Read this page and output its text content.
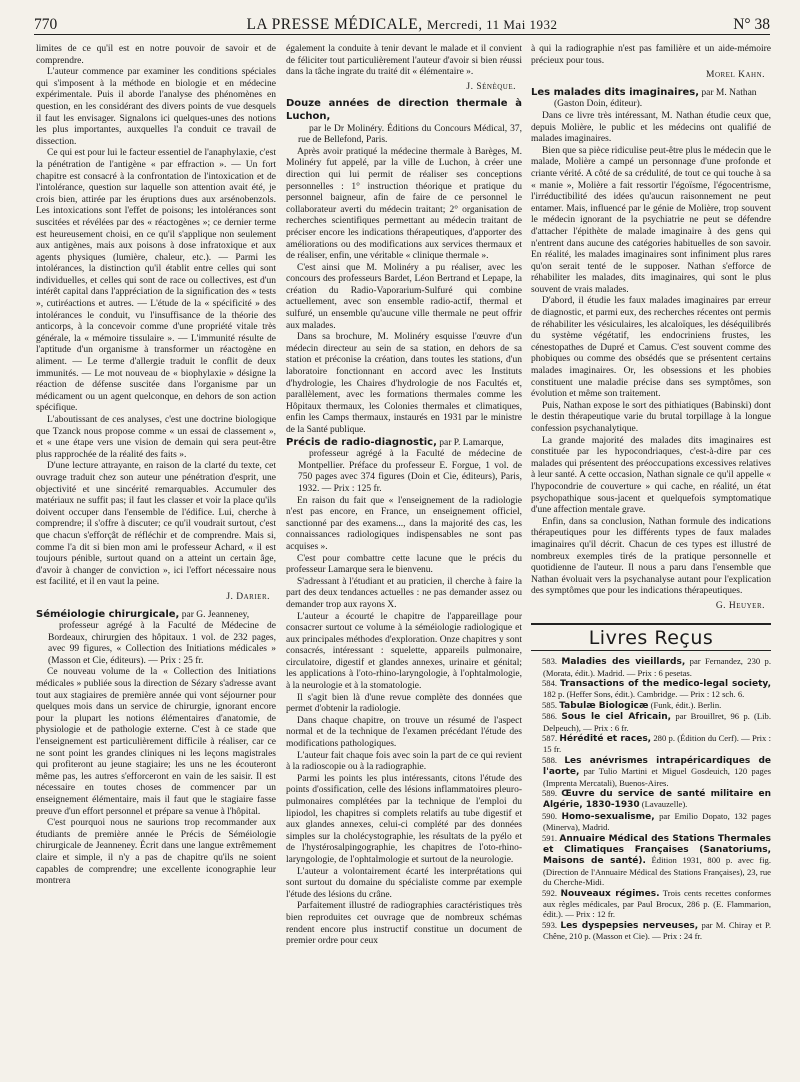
770	LA PRESSE MÉDICALE, Mercredi, 11 Mai 1932	N° 38

limites de ce qu'il est en notre pouvoir de savoir et de comprendre.

L'auteur commence par examiner les conditions spéciales qui s'imposent à la méthode en biologie et en médecine expérimentale. Puis il aborde l'analyse des phénomènes en question, en les considérant des divers points de vue desquels il faut les envisager. Signalons ici quelques-unes des notions les plus importantes, auxquelles l'a conduit ce travail de dissection.

Ce qui est pour lui le facteur essentiel de l'anaphylaxie, c'est la pénétration de l'antigène « par effraction ». — Un fort chapitre est consacré à la confrontation de l'intoxication et de l'intolérance, question sur laquelle son attention avait été, je crois bien, attirée par les éruptions dues aux arsénobenzols. Les intoxications sont l'effet de poisons; les intolérances sont suscitées et révélées par des « réactogènes »; ce dernier terme est heureusement choisi, en ce qu'il s'applique non seulement aux antigènes, mais aux poisons à dose infratoxique et aux agents physiques (lumière, chaleur, etc.). — Parmi les intolérances, la distinction qu'il établit entre celles qui sont individuelles, et celles qui sont de race ou collectives, est d'un intérêt capital dans l'appréciation de la signification des « tests », cutiréactions et autres. — L'étude de la « spécificité » des intolérances le conduit, vu l'insuffisance de la théorie des anticorps, à la concevoir comme d'une propriété vitale très générale, la « mémoire tissulaire ». — L'immunité résulte de l'aptitude d'un organisme à transformer un réactogène en aliment. — Le terme d'allergie traduit le conflit de deux immunités. — Le mot nouveau de « biophylaxie » désigne la réaction de défense suscitée dans l'organisme par un médicament ou un agent quelconque, en dehors de son action spécifique.

L'aboutissant de ces analyses, c'est une doctrine biologique que Tzanck nous propose comme « un essai de classement », et « une étape vers une vision de demain qui sera peut-être plus rapprochée de la réalité des faits ».

D'une lecture attrayante, en raison de la clarté du texte, cet ouvrage traduit chez son auteur une pénétration d'esprit, une objectivité et une sincérité remarquables. Accumuler des matériaux ne suffit pas; il faut les classer et voir la place qu'ils doivent occuper dans l'ensemble de l'édifice. Lui, cherche à comprendre; il s'offre à discuter; ce qu'il voudrait surtout, c'est que chacun s'efforçât de réfléchir et de comprendre. Mais si, comme l'a dit si bien mon ami le professeur Achard, « il est toujours pénible, surtout quand on a atteint un certain âge, d'avoir à changer de conviction », ici l'effort nécessaire nous est facilité, et il en vaut la peine.

J. Darier.

Séméiologie chirurgicale, par G. Jeanneney,

professeur agrégé à la Faculté de Médecine de Bordeaux, chirurgien des hôpitaux. 1 vol. de 232 pages, avec 99 figures, « Collection des Initiations médicales » (Masson et Cie, éditeurs). — Prix : 25 fr.

Ce nouveau volume de la « Collection des Initiations médicales » publiée sous la direction de Sézary s'adresse avant tout aux stagiaires de première année qui vont séjourner pour quelques mois dans un service de chirurgie, ignorant encore pour la plupart les notions élémentaires d'anatomie, de physiologie et de pathologie externe. C'est à ce stade que l'enseignement est particulièrement difficile à réaliser, car ce ne sont point les grandes cliniques ni les leçons magistrales qui profiteront au jeune stagiaire; les uns ne les écouteront même pas, les autres s'efforceront en vain de les saisir. Il est nécessaire en toutes choses de commencer par un enseignement élémentaire, mais il faut que le stagiaire fasse preuve d'un effort personnel et prépare sa venue à l'hôpital.

C'est pourquoi nous ne saurions trop recommander aux étudiants de première année le Précis de Séméiologie chirurgicale de Jeanneney. Écrit dans une langue extrêmement claire et simple, il n'y a pas de chapitre qu'ils ne soient capables de comprendre; une excellente iconographie leur montrera

également la conduite à tenir devant le malade et il convient de féliciter tout particulièrement l'auteur d'avoir si bien réussi dans la tâche ingrate du traité dit « élémentaire ».

J. Sénèque.

Douze années de direction thermale à Luchon,

par le Dr Molinéry. Éditions du Concours Médical, 37, rue de Bellefond, Paris.

Après avoir pratiqué la médecine thermale à Barèges, M. Molinéry fut appelé, par la ville de Luchon, à créer une direction qui lui permit de réaliser ses conceptions personnelles : 1° instruction théorique et pratique du personnel baigneur, afin de faire de ce personnel le collaborateur averti du médecin traitant; 2° organisation de recherches scientifiques permettant au médecin traitant de préciser encore les indications thérapeutiques, d'apporter des améliorations ou des modifications aux services thermaux et de réaliser, enfin, une véritable « clinique thermale ».

C'est ainsi que M. Molinéry a pu réaliser, avec les concours des professeurs Bardet, Léon Bertrand et Lepape, la création du Radio-Vaporarium-Sulfuré qui combine actuellement, avec son ensemble radio-actif, thermal et sulfuré, un ensemble qu'aucune ville thermale ne peut offrir aux malades.

Dans sa brochure, M. Molinéry esquisse l'œuvre d'un médecin directeur au sein de sa station, en dehors de sa station et préconise la création, dans toutes les stations, d'un laboratoire fonctionnant en accord avec les Instituts d'hydrologie, les Chaires d'hydrologie de nos Facultés et, parallèlement, avec les formations thermales comme les Hôpitaux thermaux, les Colonies thermales et climatiques, enfin les Camps thermaux, instaurés en 1931 par le ministre de la Santé publique.

Précis de radio-diagnostic, par P. Lamarque,

professeur agrégé à la Faculté de médecine de Montpellier. Préface du professeur E. Forgue, 1 vol. de 750 pages avec 374 figures (Doin et Cie, éditeurs), Paris, 1932. — Prix : 125 fr.

En raison du fait que « l'enseignement de la radiologie n'est pas encore, en France, un enseignement officiel, sanctionné par des examens..., dans la majorité des cas, les connaissances radiologiques indispensables ne sont pas acquises ».

C'est pour combattre cette lacune que le précis du professeur Lamarque sera le bienvenu.

S'adressant à l'étudiant et au praticien, il cherche à faire la part des deux tendances actuelles : ne pas demander assez ou demander trop aux rayons X.

L'auteur a écourté le chapitre de l'appareillage pour consacrer surtout ce volume à la séméiologie radiologique et aux principales méthodes d'exploration. Onze chapitres y sont consacrés, intéressant : squelette, appareils pulmonaire, circulatoire, digestif et glandes annexes, urinaire et génital; les applications à l'oto-rhino-laryngologie, à l'ophtalmologie, à la neurologie et à la stomatologie.

Il s'agit bien là d'une revue complète des données que permet d'obtenir la radiologie.

Dans chaque chapitre, on trouve un résumé de l'aspect normal et de la technique de l'examen précédant l'étude des modifications pathologiques.

L'auteur fait chaque fois avec soin la part de ce qui revient à la radioscopie ou à la radiographie.

Parmi les points les plus intéressants, citons l'étude des points d'ossification, celle des lésions inflammatoires pleuro-pulmonaires complétées par la technique de l'emploi du lipiodol, les chapitres si complets relatifs au tube digestif et aux glandes annexes, celui-ci complété par des données simples sur la cholécystographie, les résultats de la pyélo et de l'hystérosalpingographie, les chapitres de l'oto-rhino-laryngologie, de l'ophtalmologie et surtout de la neurologie.

L'auteur a volontairement écarté les interprétations qui sont surtout du domaine du spécialiste comme par exemple l'étude des lésions du crâne.

Parfaitement illustré de radiographies caractéristiques très bien reproduites cet ouvrage que de nombreux schémas rendent encore plus instructif constitue un document de premier ordre pour ceux

à qui la radiographie n'est pas familière et un aide-mémoire précieux pour tous.

Morel Kahn.

Les malades dits imaginaires, par M. Nathan

(Gaston Doin, éditeur).

Dans ce livre très intéressant, M. Nathan étudie ceux que, depuis Molière, le public et les médecins ont qualifié de malades imaginaires.

Bien que sa pièce ridiculise peut-être plus le médecin que le malade, Molière a campé un personnage d'une profonde et criante vérité. A côté de sa crédulité, de tout ce qui touche à sa « manie », Molière a fait ressortir l'égoïsme, l'égocentrisme, l'irréductibilité des idées qu'aucun raisonnement ne peut entamer. Mais, influencé par le génie de Molière, trop souvent le médecin ignorant de la psychiatrie ne peut se défendre d'attacher l'épithète de malade imaginaire à des gens qui n'entrent dans aucune des catégories habituelles de son savoir. En réalité, les malades imaginaires sont infiniment plus rares qu'on serait tenté de le supposer. Nathan s'efforce de réhabiliter les malades, dits imaginaires, qui sont le plus souvent de vrais malades.

D'abord, il étudie les faux malades imaginaires par erreur de diagnostic, et parmi eux, des recherches récentes ont permis de réhabiliter les vésiculaires, les alcaloïques, les déséquilibrés du système végétatif, les endocriniens frustes, les cénestopathes de Dupré et Camus. C'est souvent comme des phobiques ou comme des obsédés que se présentent certains malades imaginaires. Or, les obsessions et les phobies constituent une maladie précise dans ses symptômes, son évolution et même son traitement.

Puis, Nathan expose le sort des pithiatiques (Babinski) dont le destin thérapeutique varie du brutal torpillage à la longue confession psychanalytique.

La grande majorité des malades dits imaginaires est constituée par les hypocondriaques, c'est-à-dire par ces malades qui présentent des préoccupations excessives relatives à leur santé. A cette occasion, Nathan signale ce qu'il appelle « l'hypocondrie de couverture » qui cache, en réalité, un état psychopathique sous-jacent et quelquefois symptomatique d'une affection mentale grave.

Enfin, dans sa conclusion, Nathan formule des indications thérapeutiques pour les différents types de faux malades imaginaires qu'il décrit. Chacun de ces types est illustré de nombreux exemples tirés de la pratique personnelle et quotidienne de l'auteur. Il nous a paru dans l'ensemble que Nathan évoluait vers la psychanalyse autant pour l'explication des symptômes que pour les indications thérapeutiques.

G. Heuyer.
Livres Reçus

583. Maladies des vieillards, par Fernandez, 230 p. (Morata, édit.). Madrid. — Prix : 6 pesetas.

584. Transactions of the medico-legal society, 182 p. (Heffer Sons, édit.). Cambridge. — Prix : 12 sch. 6.

585. Tabulæ Biologicæ (Funk, édit.). Berlin.

586. Sous le ciel Africain, par Brouillret, 96 p. (Lib. Delpeuch), — Prix : 6 fr.

587. Hérédité et races, 280 p. (Édition du Cerf). — Prix : 15 fr.

588. Les anévrismes intrapéricardiques de l'aorte, par Tulio Martini et Miguel Gosdeuich, 120 pages (Imprenta Mercatali), Buenos-Aires.

589. Œuvre du service de santé militaire en Algérie, 1830-1930 (Lavauzelle).

590. Homo-sexualisme, par Emilio Dopato, 132 pages (Minerva), Madrid.

591. Annuaire Médical des Stations Thermales et Climatiques Françaises (Sanatoriums, Maisons de santé). Édition 1931, 800 p. avec fig. (Direction de l'Annuaire Médical des Stations Françaises), 23, rue du Cherche-Midi.

592. Nouveaux régimes. Trois cents recettes conformes aux règles médicales, par Paul Brocux, 286 p. (E. Flammarion, édit.). — Prix : 12 fr.

593. Les dyspepsies nerveuses, par M. Chiray et P. Chêne, 210 p. (Masson et Cie). — Prix : 24 fr.
